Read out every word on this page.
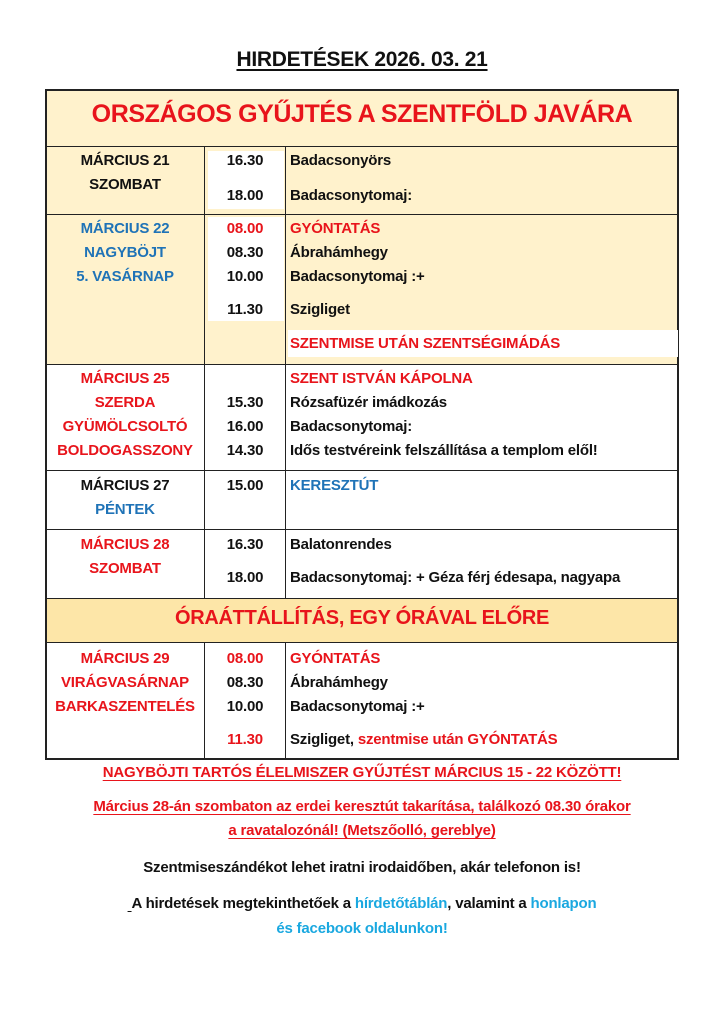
HIRDETÉSEK 2026. 03. 21
ORSZÁGOS GYŰJTÉS A SZENTFÖLD JAVÁRA
MÁRCIUS 21
SZOMBAT
16.30
18.00
Badacsonyörs
Badacsonytomaj:
MÁRCIUS 22
NAGYBÖJT
5. VASÁRNAP
08.00
08.30
10.00
11.30
GYÓNTATÁS
Ábrahámhegy
Badacsonytomaj :+
Szigliget
SZENTMISE UTÁN SZENTSÉGIMÁDÁS
MÁRCIUS 25
SZERDA
GYÜMÖLCSOLTÓ
BOLDOGASSZONY
15.30
16.00
14.30
SZENT ISTVÁN KÁPOLNA
Rózsafüzér imádkozás
Badacsonytomaj:
Idős testvéreink felszállítása a templom elől!
MÁRCIUS 27
PÉNTEK
15.00	KERESZTÚT
MÁRCIUS 28
SZOMBAT
16.30
18.00
Balatonrendes
Badacsonytomaj: + Géza férj édesapa, nagyapa
ÓRAÁTTÁLLÍTÁS, EGY ÓRÁVAL ELŐRE
MÁRCIUS 29
VIRÁGVASÁRNAP
BARKASZENTELÉS
08.00
08.30
10.00
11.30
GYÓNTATÁS
Ábrahámhegy
Badacsonytomaj :+
Szigliget, szentmise után GYÓNTATÁS
NAGYBÖJTI TARTÓS ÉLELMISZER GYŰJTÉST MÁRCIUS 15 - 22 KÖZÖTT!
Március 28-án szombaton az erdei keresztút takarítása, találkozó 08.30 órakor
a ravatalozónál! (Metszőolló, gereblye)
Szentmiseszándékot lehet iratni irodaidőben, akár telefonon is!
A hirdetések megtekinthetőek a hírdetőtáblán, valamint a honlapon
és facebook oldalunkon!
